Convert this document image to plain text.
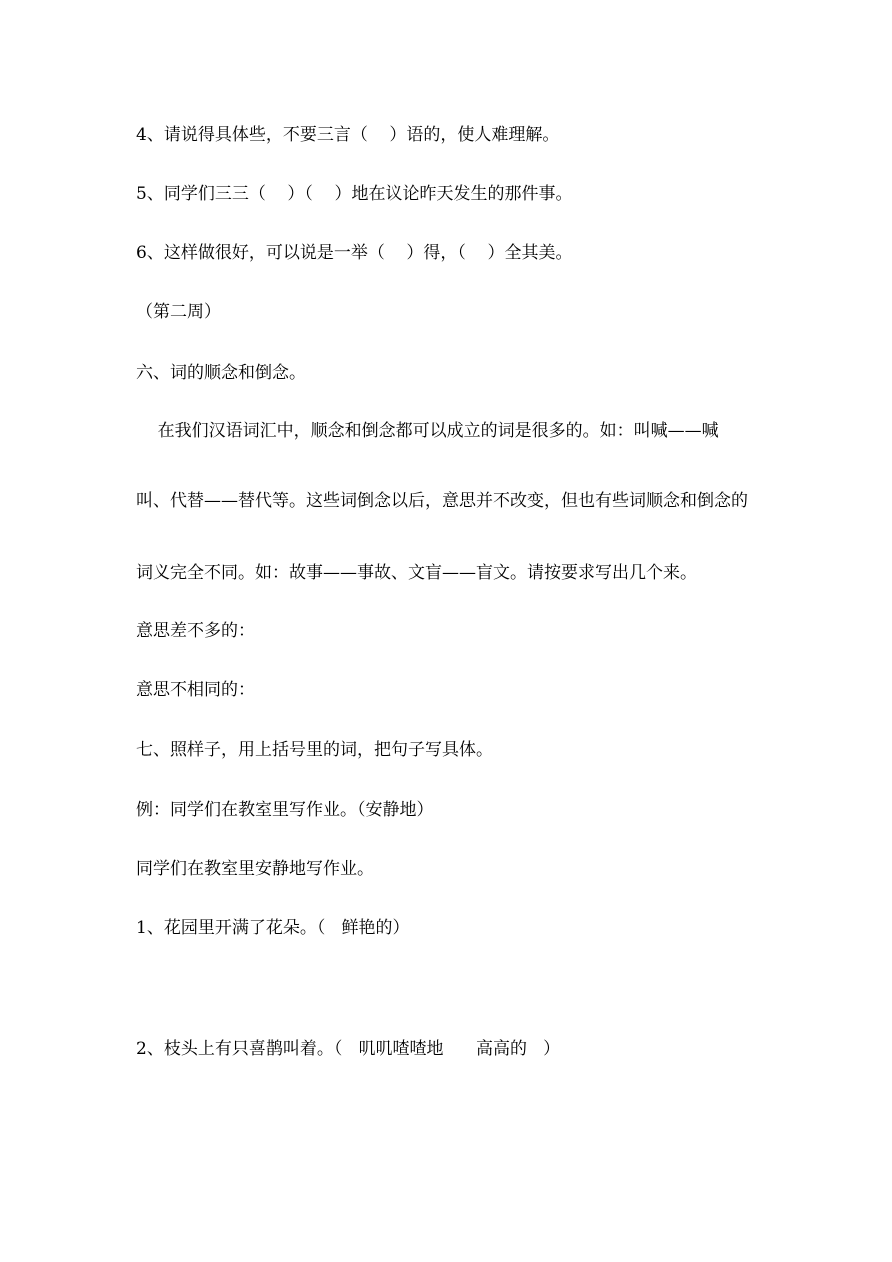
4、请说得具体些，不要三言（    ）语的，使人难理解。
5、同学们三三（    ）（    ）地在议论昨天发生的那件事。
6、这样做很好，可以说是一举（    ）得，（    ）全其美。
（第二周）
六、词的顺念和倒念。
在我们汉语词汇中，顺念和倒念都可以成立的词是很多的。如：叫喊——喊
叫、代替——替代等。这些词倒念以后，意思并不改变，但也有些词顺念和倒念的
词义完全不同。如：故事——事故、文盲——盲文。请按要求写出几个来。
意思差不多的：
意思不相同的：
七、照样子，用上括号里的词，把句子写具体。
例：同学们在教室里写作业。（安静地）
同学们在教室里安静地写作业。
1、花园里开满了花朵。（   鲜艳的）
2、枝头上有只喜鹊叫着。（   叽叽喳喳地      高高的   ）
